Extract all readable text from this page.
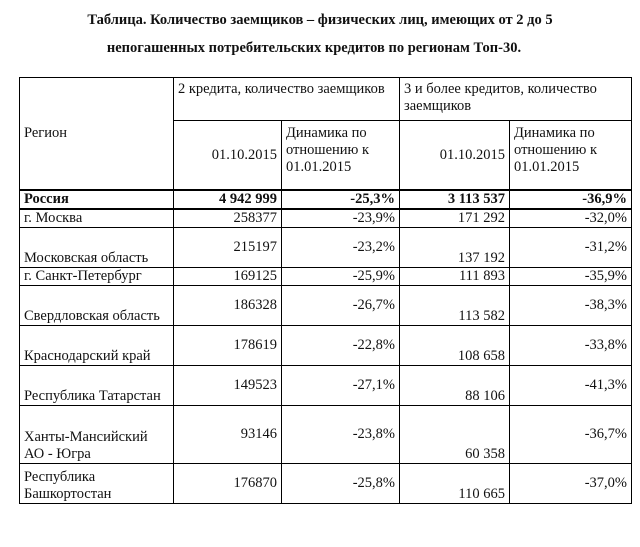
Таблица. Количество заемщиков – физических лиц, имеющих от 2 до 5
непогашенных потребительских кредитов по регионам Топ-30.
Регион	2 кредита, количество заемщиков		3 и более кредитов, количество заемщиков	
	01.10.2015	Динамика по отношению к 01.01.2015	01.10.2015	Динамика по отношению к 01.01.2015
Россия	4 942 999	-25,3%	3 113 537	-36,9%
г. Москва	258377	-23,9%	171 292	-32,0%
Московская область	215197	-23,2%	137 192	-31,2%
г. Санкт-Петербург	169125	-25,9%	111 893	-35,9%
Свердловская область	186328	-26,7%	113 582	-38,3%
Краснодарский край	178619	-22,8%	108 658	-33,8%
Республика Татарстан	149523	-27,1%	88 106	-41,3%
Ханты-Мансийский АО - Югра	93146	-23,8%	60 358	-36,7%
Республика Башкортостан	176870	-25,8%	110 665	-37,0%
